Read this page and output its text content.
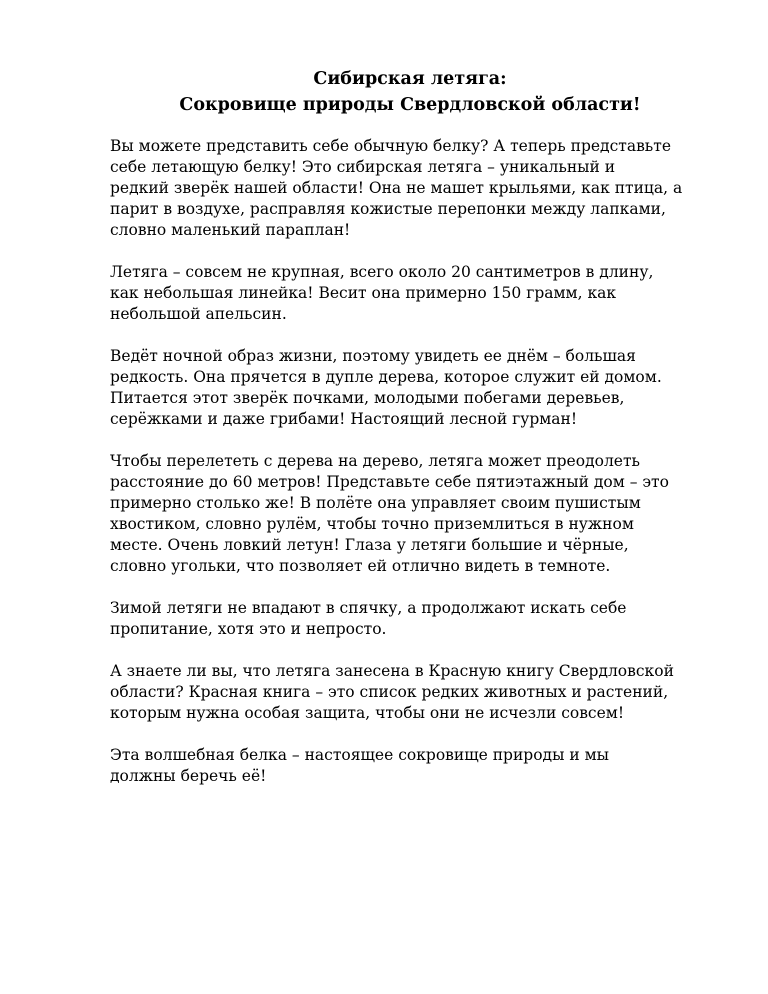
Сибирская летяга:
Сокровище природы Свердловской области!
Вы можете представить себе обычную белку? А теперь представьте
себе летающую белку! Это сибирская летяга – уникальный и
редкий зверёк нашей области! Она не машет крыльями, как птица, а
парит в воздухе, расправляя кожистые перепонки между лапками,
словно маленький параплан!
Летяга – совсем не крупная, всего около 20 сантиметров в длину,
как небольшая линейка! Весит она примерно 150 грамм, как
небольшой апельсин.
Ведёт ночной образ жизни, поэтому увидеть ее днём – большая
редкость. Она прячется в дупле дерева, которое служит ей домом.
Питается этот зверёк почками, молодыми побегами деревьев,
серёжками и даже грибами! Настоящий лесной гурман!
Чтобы перелететь с дерева на дерево, летяга может преодолеть
расстояние до 60 метров! Представьте себе пятиэтажный дом – это
примерно столько же! В полёте она управляет своим пушистым
хвостиком, словно рулём, чтобы точно приземлиться в нужном
месте. Очень ловкий летун! Глаза у летяги большие и чёрные,
словно угольки, что позволяет ей отлично видеть в темноте.
Зимой летяги не впадают в спячку, а продолжают искать себе
пропитание, хотя это и непросто.
А знаете ли вы, что летяга занесена в Красную книгу Свердловской
области? Красная книга – это список редких животных и растений,
которым нужна особая защита, чтобы они не исчезли совсем!
Эта волшебная белка – настоящее сокровище природы и мы
должны беречь её!
